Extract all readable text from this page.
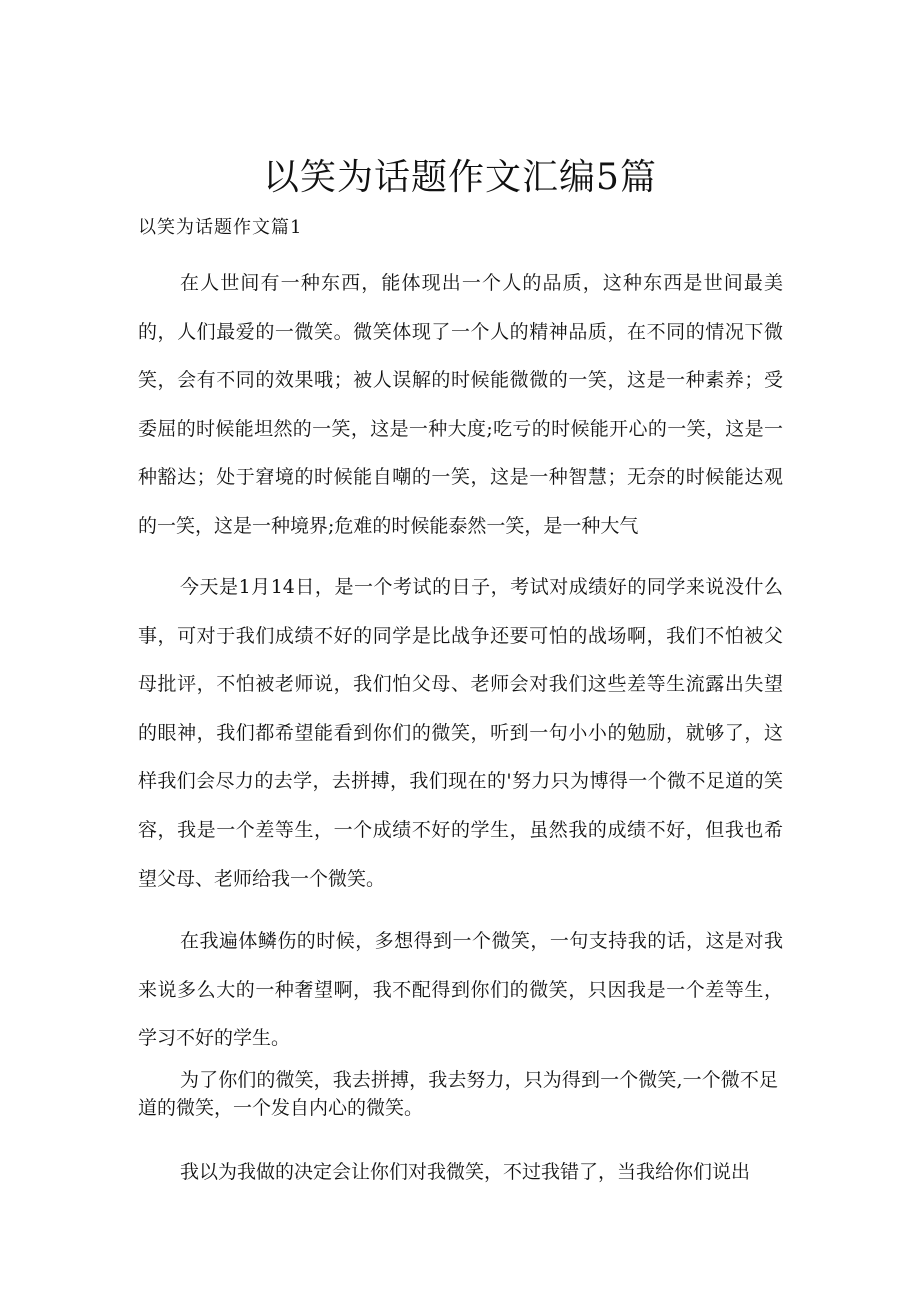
以笑为话题作文汇编5篇

以笑为话题作文篇1

在人世间有一种东西，能体现出一个人的品质，这种东西是世间最美的，人们最爱的一微笑。微笑体现了一个人的精神品质，在不同的情况下微笑，会有不同的效果哦；被人误解的时候能微微的一笑，这是一种素养；受委屈的时候能坦然的一笑，这是一种大度;吃亏的时候能开心的一笑，这是一种豁达；处于窘境的时候能自嘲的一笑，这是一种智慧；无奈的时候能达观的一笑，这是一种境界;危难的时候能泰然一笑，是一种大气

今天是1月14日，是一个考试的日子，考试对成绩好的同学来说没什么事，可对于我们成绩不好的同学是比战争还要可怕的战场啊，我们不怕被父母批评，不怕被老师说，我们怕父母、老师会对我们这些差等生流露出失望的眼神，我们都希望能看到你们的微笑，听到一句小小的勉励，就够了，这样我们会尽力的去学，去拼搏，我们现在的'努力只为博得一个微不足道的笑容，我是一个差等生，一个成绩不好的学生，虽然我的成绩不好，但我也希望父母、老师给我一个微笑。

在我遍体鳞伤的时候，多想得到一个微笑，一句支持我的话，这是对我来说多么大的一种奢望啊，我不配得到你们的微笑，只因我是一个差等生，学习不好的学生。

为了你们的微笑，我去拼搏，我去努力，只为得到一个微笑,一个微不足道的微笑，一个发自内心的微笑。

我以为我做的决定会让你们对我微笑，不过我错了，当我给你们说出
